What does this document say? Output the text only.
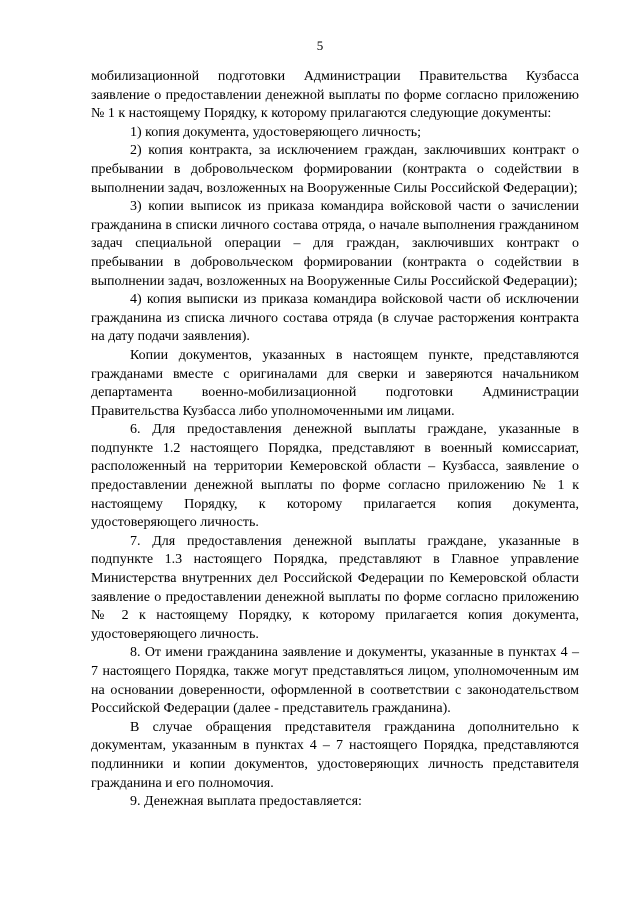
5

мобилизационной подготовки Администрации Правительства Кузбасса заявление о предоставлении денежной выплаты по форме согласно приложению № 1 к настоящему Порядку, к которому прилагаются следующие документы:

1) копия документа, удостоверяющего личность;

2) копия контракта, за исключением граждан, заключивших контракт о пребывании в добровольческом формировании (контракта о содействии в выполнении задач, возложенных на Вооруженные Силы Российской Федерации);

3) копии выписок из приказа командира войсковой части о зачислении гражданина в списки личного состава отряда, о начале выполнения гражданином задач специальной операции – для граждан, заключивших контракт о пребывании в добровольческом формировании (контракта о содействии в выполнении задач, возложенных на Вооруженные Силы Российской Федерации);

4) копия выписки из приказа командира войсковой части об исключении гражданина из списка личного состава отряда (в случае расторжения контракта на дату подачи заявления).

Копии документов, указанных в настоящем пункте, представляются гражданами вместе с оригиналами для сверки и заверяются начальником департамента военно-мобилизационной подготовки Администрации Правительства Кузбасса либо уполномоченными им лицами.

6. Для предоставления денежной выплаты граждане, указанные в подпункте 1.2 настоящего Порядка, представляют в военный комиссариат, расположенный на территории Кемеровской области – Кузбасса, заявление о предоставлении денежной выплаты по форме согласно приложению № 1 к настоящему Порядку, к которому прилагается копия документа, удостоверяющего личность.

7. Для предоставления денежной выплаты граждане, указанные в подпункте 1.3 настоящего Порядка, представляют в Главное управление Министерства внутренних дел Российской Федерации по Кемеровской области заявление о предоставлении денежной выплаты по форме согласно приложению № 2 к настоящему Порядку, к которому прилагается копия документа, удостоверяющего личность.

8. От имени гражданина заявление и документы, указанные в пунктах 4 – 7 настоящего Порядка, также могут представляться лицом, уполномоченным им на основании доверенности, оформленной в соответствии с законодательством Российской Федерации (далее - представитель гражданина).

В случае обращения представителя гражданина дополнительно к документам, указанным в пунктах 4 – 7 настоящего Порядка, представляются подлинники и копии документов, удостоверяющих личность представителя гражданина и его полномочия.

9. Денежная выплата предоставляется:
